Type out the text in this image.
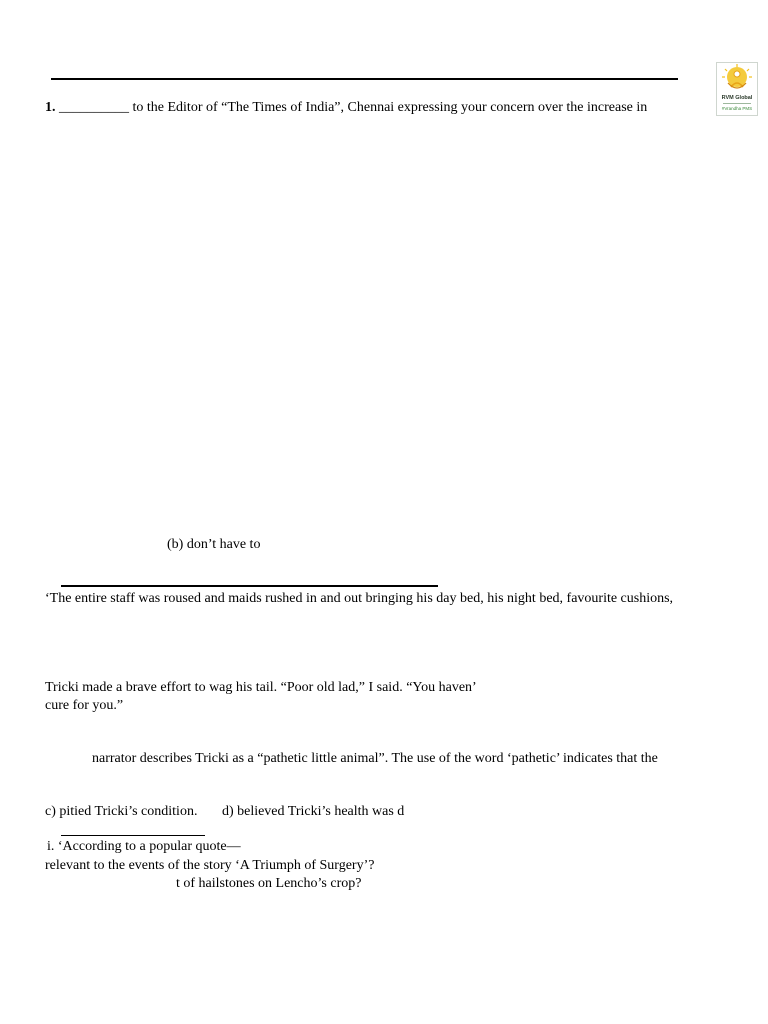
RVM Global
#Vrandha PMS
1. __________ to the Editor of “The Times of India”, Chennai expressing your concern over the increase in
(b) don’t have to
‘The entire staff was roused and maids rushed in and out bringing his day bed, his night bed, favourite cushions,
Tricki made a brave effort to wag his tail. “Poor old lad,” I said. “You haven’
cure for you.”
narrator describes Tricki as a “pathetic little animal”. The use of the word ‘pathetic’ indicates that the
c) pitied Tricki’s condition.       d) believed Tricki’s health was d
i. ‘According to a popular quote—
relevant to the events of the story ‘A Triumph of Surgery’?
t of hailstones on Lencho’s crop?
